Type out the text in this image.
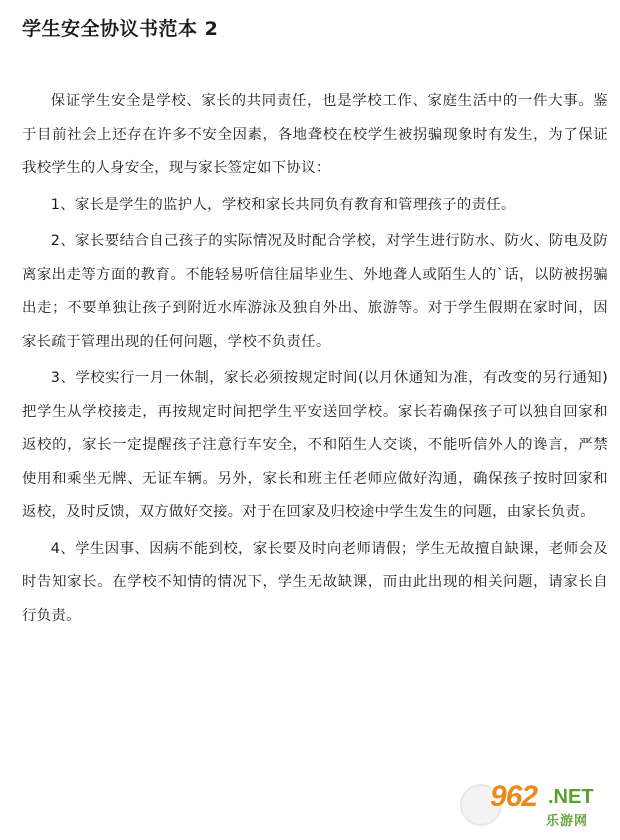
学生安全协议书范本 2

保证学生安全是学校、家长的共同责任，也是学校工作、家庭生活中的一件大事。鉴于目前社会上还存在许多不安全因素，各地聋校在校学生被拐骗现象时有发生，为了保证我校学生的人身安全，现与家长签定如下协议：

1、家长是学生的监护人，学校和家长共同负有教育和管理孩子的责任。

2、家长要结合自己孩子的实际情况及时配合学校，对学生进行防水、防火、防电及防离家出走等方面的教育。不能轻易听信往届毕业生、外地聋人或陌生人的`话，以防被拐骗出走；不要单独让孩子到附近水库游泳及独自外出、旅游等。对于学生假期在家时间，因家长疏于管理出现的任何问题，学校不负责任。

3、学校实行一月一休制，家长必须按规定时间(以月休通知为准，有改变的另行通知)把学生从学校接走，再按规定时间把学生平安送回学校。家长若确保孩子可以独自回家和返校的，家长一定提醒孩子注意行车安全，不和陌生人交谈，不能听信外人的谗言，严禁使用和乘坐无牌、无证车辆。另外，家长和班主任老师应做好沟通，确保孩子按时回家和返校，及时反馈，双方做好交接。对于在回家及归校途中学生发生的问题，由家长负责。

4、学生因事、因病不能到校，家长要及时向老师请假；学生无故擅自缺课，老师会及时告知家长。在学校不知情的情况下，学生无故缺课，而由此出现的相关问题，请家长自行负责。

962 .NET
乐游网
